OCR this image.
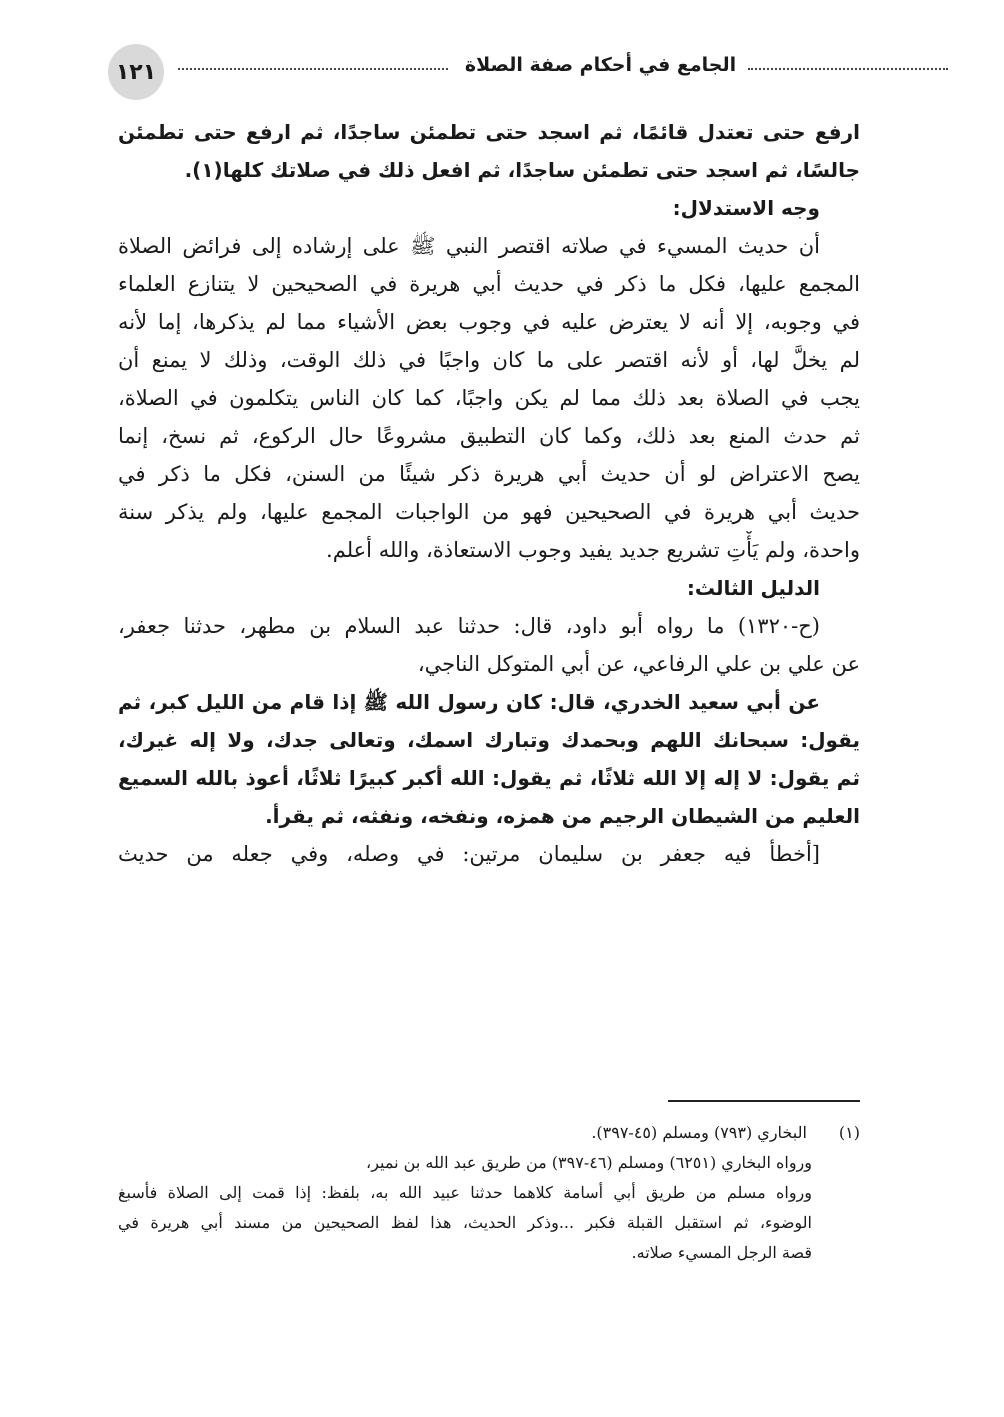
١٢١	الجامع في أحكام صفة الصلاة
ارفع حتى تعتدل قائمًا، ثم اسجد حتى تطمئن ساجدًا، ثم ارفع حتى تطمئن
جالسًا، ثم اسجد حتى تطمئن ساجدًا، ثم افعل ذلك في صلاتك كلها(١).
وجه الاستدلال:
أن حديث المسيء في صلاته اقتصر النبي ﷺ على إرشاده إلى فرائض الصلاة
المجمع عليها، فكل ما ذكر في حديث أبي هريرة في الصحيحين لا يتنازع العلماء
في وجوبه، إلا أنه لا يعترض عليه في وجوب بعض الأشياء مما لم يذكرها، إما لأنه
لم يخلَّ لها، أو لأنه اقتصر على ما كان واجبًا في ذلك الوقت، وذلك لا يمنع أن
يجب في الصلاة بعد ذلك مما لم يكن واجبًا، كما كان الناس يتكلمون في الصلاة،
ثم حدث المنع بعد ذلك، وكما كان التطبيق مشروعًا حال الركوع، ثم نسخ، إنما
يصح الاعتراض لو أن حديث أبي هريرة ذكر شيئًا من السنن، فكل ما ذكر في
حديث أبي هريرة في الصحيحين فهو من الواجبات المجمع عليها، ولم يذكر سنة
واحدة، ولم يَأْتِ تشريع جديد يفيد وجوب الاستعاذة، والله أعلم.
الدليل الثالث:
(ح-١٣٢٠) ما رواه أبو داود، قال: حدثنا عبد السلام بن مطهر، حدثنا جعفر،
عن علي بن علي الرفاعي، عن أبي المتوكل الناجي،
عن أبي سعيد الخدري، قال: كان رسول الله ﷺ إذا قام من الليل كبر، ثم
يقول: سبحانك اللهم وبحمدك وتبارك اسمك، وتعالى جدك، ولا إله غيرك،
ثم يقول: لا إله إلا الله ثلاثًا، ثم يقول: الله أكبر كبيرًا ثلاثًا، أعوذ بالله السميع
العليم من الشيطان الرجيم من همزه، ونفخه، ونفثه، ثم يقرأ.
[أخطأ فيه جعفر بن سليمان مرتين: في وصله، وفي جعله من حديث
(١) البخاري (٧٩٣) ومسلم (٤٥-٣٩٧).
ورواه البخاري (٦٢٥١) ومسلم (٤٦-٣٩٧) من طريق عبد الله بن نمير،
ورواه مسلم من طريق أبي أسامة كلاهما حدثنا عبيد الله به، بلفظ: إذا قمت إلى الصلاة فأسبغ
الوضوء، ثم استقبل القبلة فكبر ...وذكر الحديث، هذا لفظ الصحيحين من مسند أبي هريرة في
قصة الرجل المسيء صلاته.
